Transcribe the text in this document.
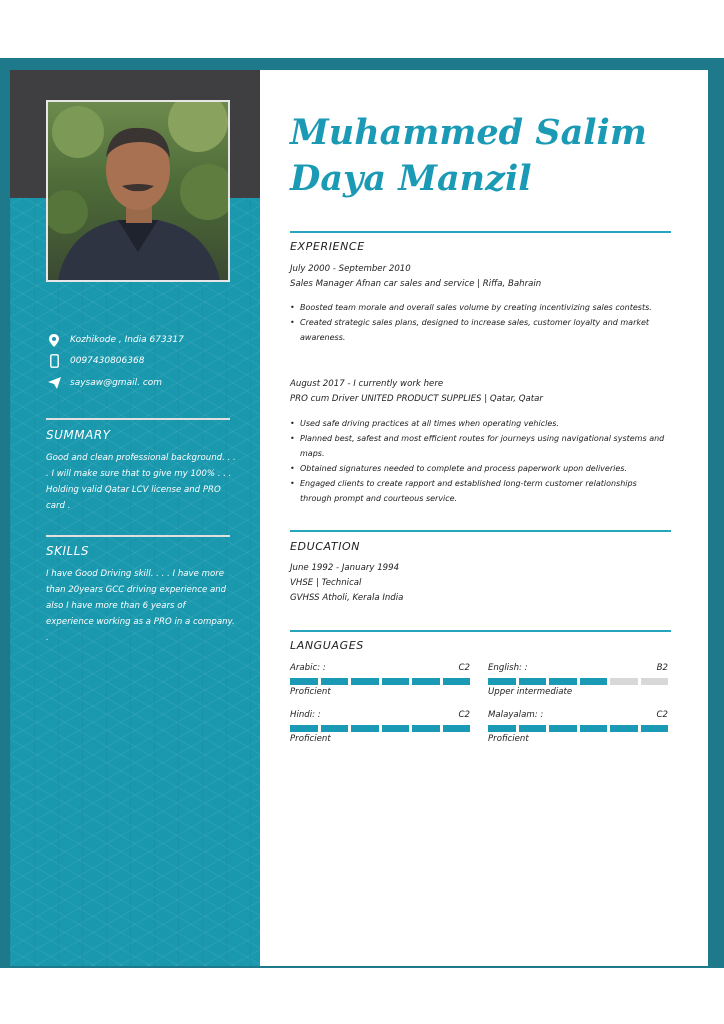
Kozhikode , India 673317
00974308063​68
saysaw@gmail. com
SUMMARY

Good and clean professional background. . . . I will make sure that to give my 100% . . . Holding valid Qatar LCV license and PRO card .

SKILLS

I have Good Driving skill. . . . I have more than 20years GCC driving experience and also I have more than 6 years of experience working as a PRO in a company. .

Muhammed Salim Daya Manzil
EXPERIENCE

July 2000 - September 2010

Sales Manager Afnan car sales and service | Riffa, Bahrain

• Boosted team morale and overall sales volume by creating incentivizing sales contests.
• Created strategic sales plans, designed to increase sales, customer loyalty and market awareness.

August 2017 - I currently work here

PRO cum Driver UNITED PRODUCT SUPPLIES | Qatar, Qatar

• Used safe driving practices at all times when operating vehicles.
• Planned best, safest and most efficient routes for journeys using navigational systems and maps.
• Obtained signatures needed to complete and process paperwork upon deliveries.
• Engaged clients to create rapport and established long-term customer relationships through prompt and courteous service.
EDUCATION

June 1992 - January 1994

VHSE | Technical

GVHSS Atholi, Kerala India

LANGUAGES
Arabic: :	C2
Proficient
English: :	B2
Upper intermediate
Hindi: :	C2
Proficient
Malayalam: :	C2
Proficient
